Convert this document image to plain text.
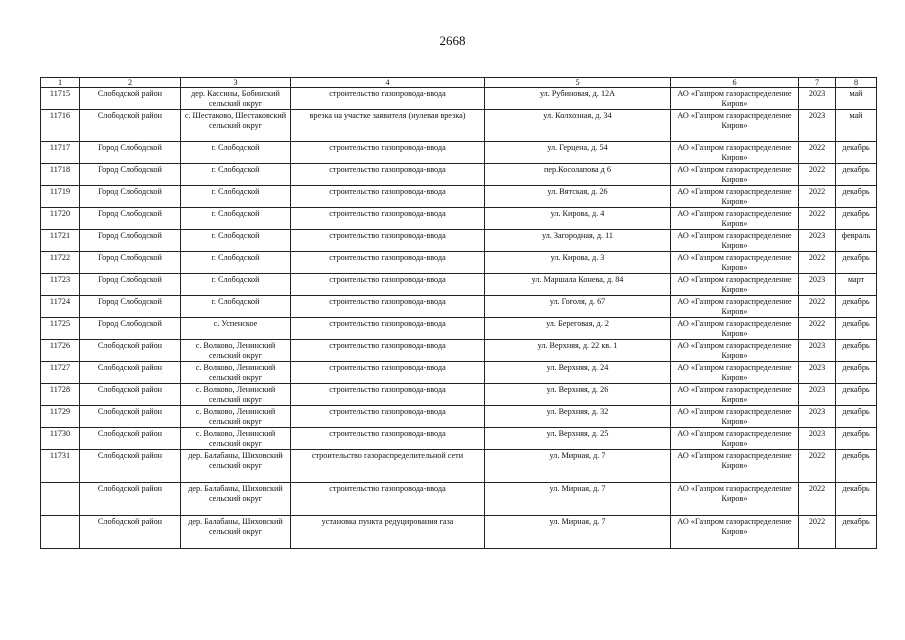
2668
1	2	3	4	5	6	7	8
11715	Слободской район	дер. Кассины, Бобинский сельский округ	строительство газопровода-ввода	ул. Рубиновая, д. 12А	АО «Газпром газораспределение Киров»	2023	май
11716	Слободской район	с. Шестаково, Шестаковский сельский округ	врезка на участке заявителя (нулевая врезка)	ул. Колхозная, д. 34	АО «Газпром газораспределение Киров»	2023	май
11717	Город Слободской	г. Слободской	строительство газопровода-ввода	ул. Герцена, д. 54	АО «Газпром газораспределение Киров»	2022	декабрь
11718	Город Слободской	г. Слободской	строительство газопровода-ввода	пер.Косолапова д 6	АО «Газпром газораспределение Киров»	2022	декабрь
11719	Город Слободской	г. Слободской	строительство газопровода-ввода	ул. Вятская, д. 26	АО «Газпром газораспределение Киров»	2022	декабрь
11720	Город Слободской	г. Слободской	строительство газопровода-ввода	ул. Кирова, д. 4	АО «Газпром газораспределение Киров»	2022	декабрь
11721	Город Слободской	г. Слободской	строительство газопровода-ввода	ул. Загородная, д. 11	АО «Газпром газораспределение Киров»	2023	февраль
11722	Город Слободской	г. Слободской	строительство газопровода-ввода	ул. Кирова, д. 3	АО «Газпром газораспределение Киров»	2022	декабрь
11723	Город Слободской	г. Слободской	строительство газопровода-ввода	ул. Маршала Конева, д. 84	АО «Газпром газораспределение Киров»	2023	март
11724	Город Слободской	г. Слободской	строительство газопровода-ввода	ул. Гоголя, д. 67	АО «Газпром газораспределение Киров»	2022	декабрь
11725	Город Слободской	с. Успенское	строительство газопровода-ввода	ул. Береговая, д. 2	АО «Газпром газораспределение Киров»	2022	декабрь
11726	Слободской район	с. Волково, Ленинский сельский округ	строительство газопровода-ввода	ул. Верхняя, д. 22 кв. 1	АО «Газпром газораспределение Киров»	2023	декабрь
11727	Слободской район	с. Волково, Ленинский сельский округ	строительство газопровода-ввода	ул. Верхняя, д. 24	АО «Газпром газораспределение Киров»	2023	декабрь
11728	Слободской район	с. Волково, Ленинский сельский округ	строительство газопровода-ввода	ул. Верхняя, д. 26	АО «Газпром газораспределение Киров»	2023	декабрь
11729	Слободской район	с. Волково, Ленинский сельский округ	строительство газопровода-ввода	ул. Верхняя, д. 32	АО «Газпром газораспределение Киров»	2023	декабрь
11730	Слободской район	с. Волково, Ленинский сельский округ	строительство газопровода-ввода	ул. Верхняя, д. 25	АО «Газпром газораспределение Киров»	2023	декабрь
11731	Слободской район	дер. Балабаны, Шиховский сельский округ	строительство газораспределительной сети	ул. Мирная, д. 7	АО «Газпром газораспределение Киров»	2022	декабрь
	Слободской район	дер. Балабаны, Шиховский сельский округ	строительство газопровода-ввода	ул. Мирная, д. 7	АО «Газпром газораспределение Киров»	2022	декабрь
	Слободской район	дер. Балабаны, Шиховский сельский округ	установка пункта редуцирования газа	ул. Мирная, д. 7	АО «Газпром газораспределение Киров»	2022	декабрь
